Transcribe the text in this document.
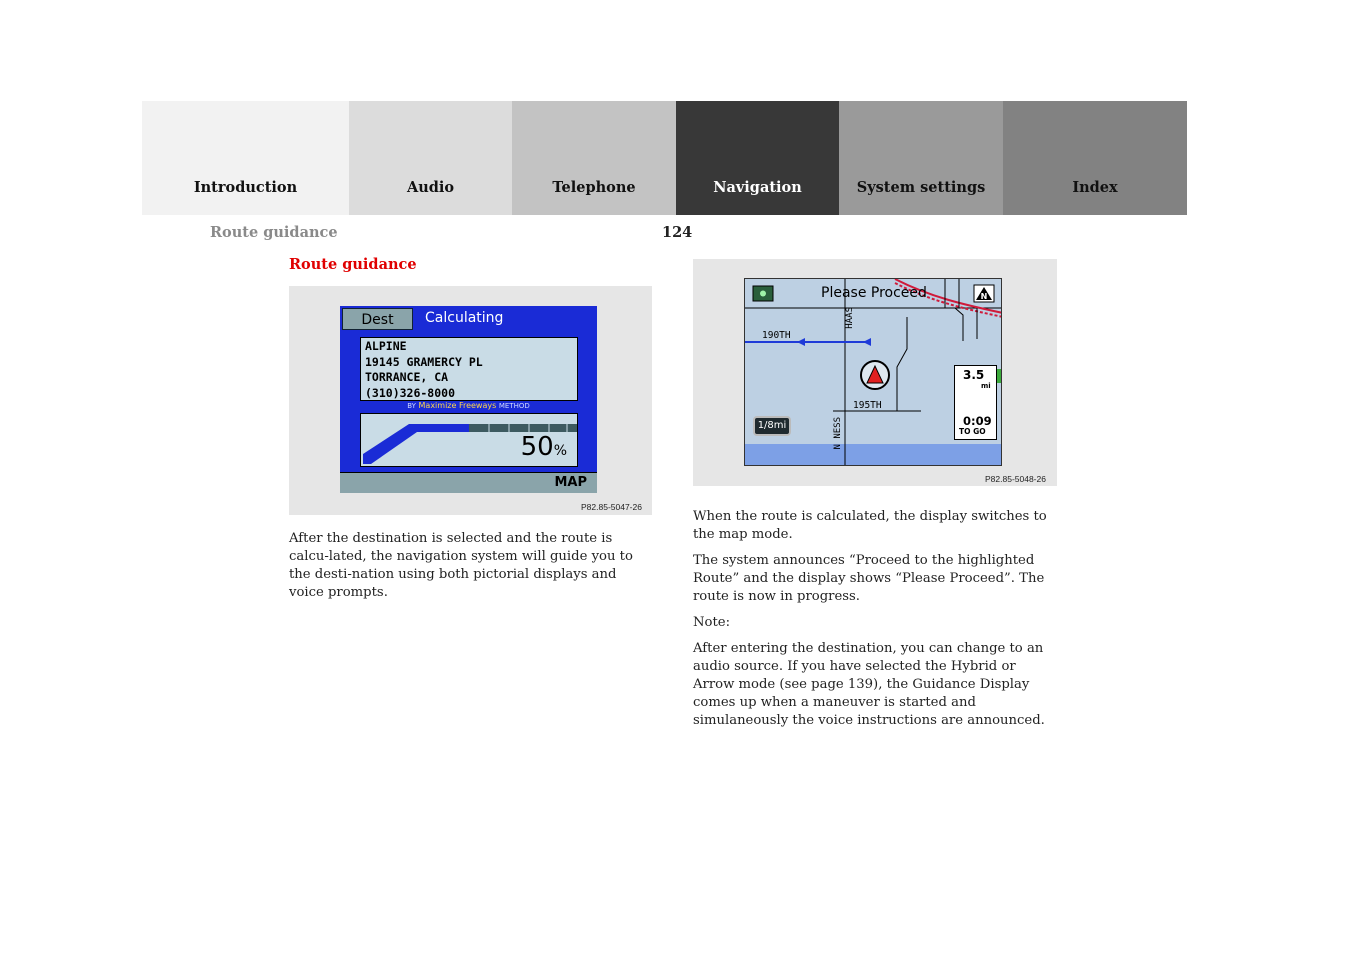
Introduction	Audio	Telephone	Navigation	System settings	Index
Route guidance	124
Route guidance
Dest	Calculating
ALPINE
19145 GRAMERCY PL
TORRANCE, CA
(310)326-8000
BY Maximize Freeways METHOD
50%
MAP
P82.85-5047-26
N
Please Proceed
190TH
195TH
HAAS
N NESS
1/8mi
3.5
mi
0:09
TO GO
P82.85-5048-26

After the destination is selected and the route is calcu-lated, the navigation system will guide you to the desti-nation using both pictorial displays and voice prompts.

When the route is calculated, the display switches to the map mode.

The system announces “Proceed to the highlighted Route” and the display shows “Please Proceed”. The route is now in progress.

Note:

After entering the destination, you can change to an audio source. If you have selected the Hybrid or Arrow mode (see page 139), the Guidance Display comes up when a maneuver is started and simulaneously the voice instructions are announced.
